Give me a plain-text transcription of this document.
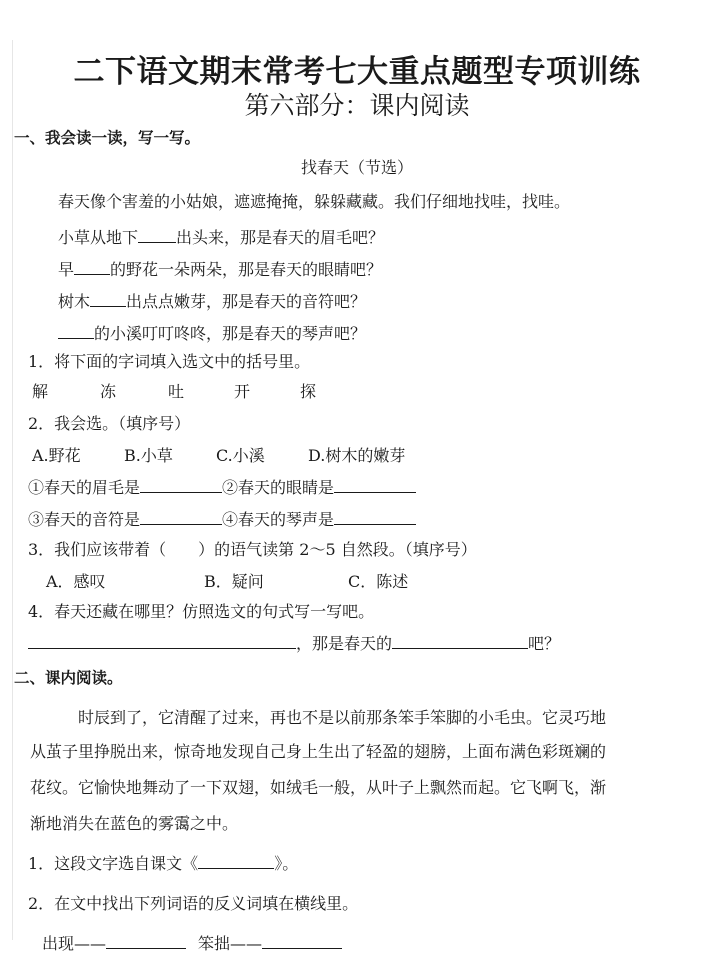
二下语文期末常考七大重点题型专项训练
第六部分：课内阅读
一、我会读一读，写一写。
找春天（节选）
春天像个害羞的小姑娘，遮遮掩掩，躲躲藏藏。我们仔细地找哇，找哇。
小草从地下 出头来，那是春天的眉毛吧？
早 的野花一朵两朵，那是春天的眼睛吧？
树木 出点点嫩芽，那是春天的音符吧？
的小溪叮叮咚咚，那是春天的琴声吧？
1．将下面的字词填入选文中的括号里。
解	冻	吐	开	探
2．我会选。（填序号）
A.野花	B.小草	C.小溪	D.树木的嫩芽
①春天的眉毛是	②春天的眼睛是
③春天的音符是	④春天的琴声是
3．我们应该带着（　　）的语气读第 2～5 自然段。（填序号）
A．感叹	B．疑问	C．陈述
4．春天还藏在哪里？仿照选文的句式写一写吧。
，那是春天的	吧？
二、课内阅读。
时辰到了，它清醒了过来，再也不是以前那条笨手笨脚的小毛虫。它灵巧地
从茧子里挣脱出来，惊奇地发现自己身上生出了轻盈的翅膀，上面布满色彩斑斓的
花纹。它愉快地舞动了一下双翅，如绒毛一般，从叶子上飘然而起。它飞啊飞，渐
渐地消失在蓝色的雾霭之中。
1．这段文字选自课文《	》。
2．在文中找出下列词语的反义词填在横线里。
出现——	笨拙——
